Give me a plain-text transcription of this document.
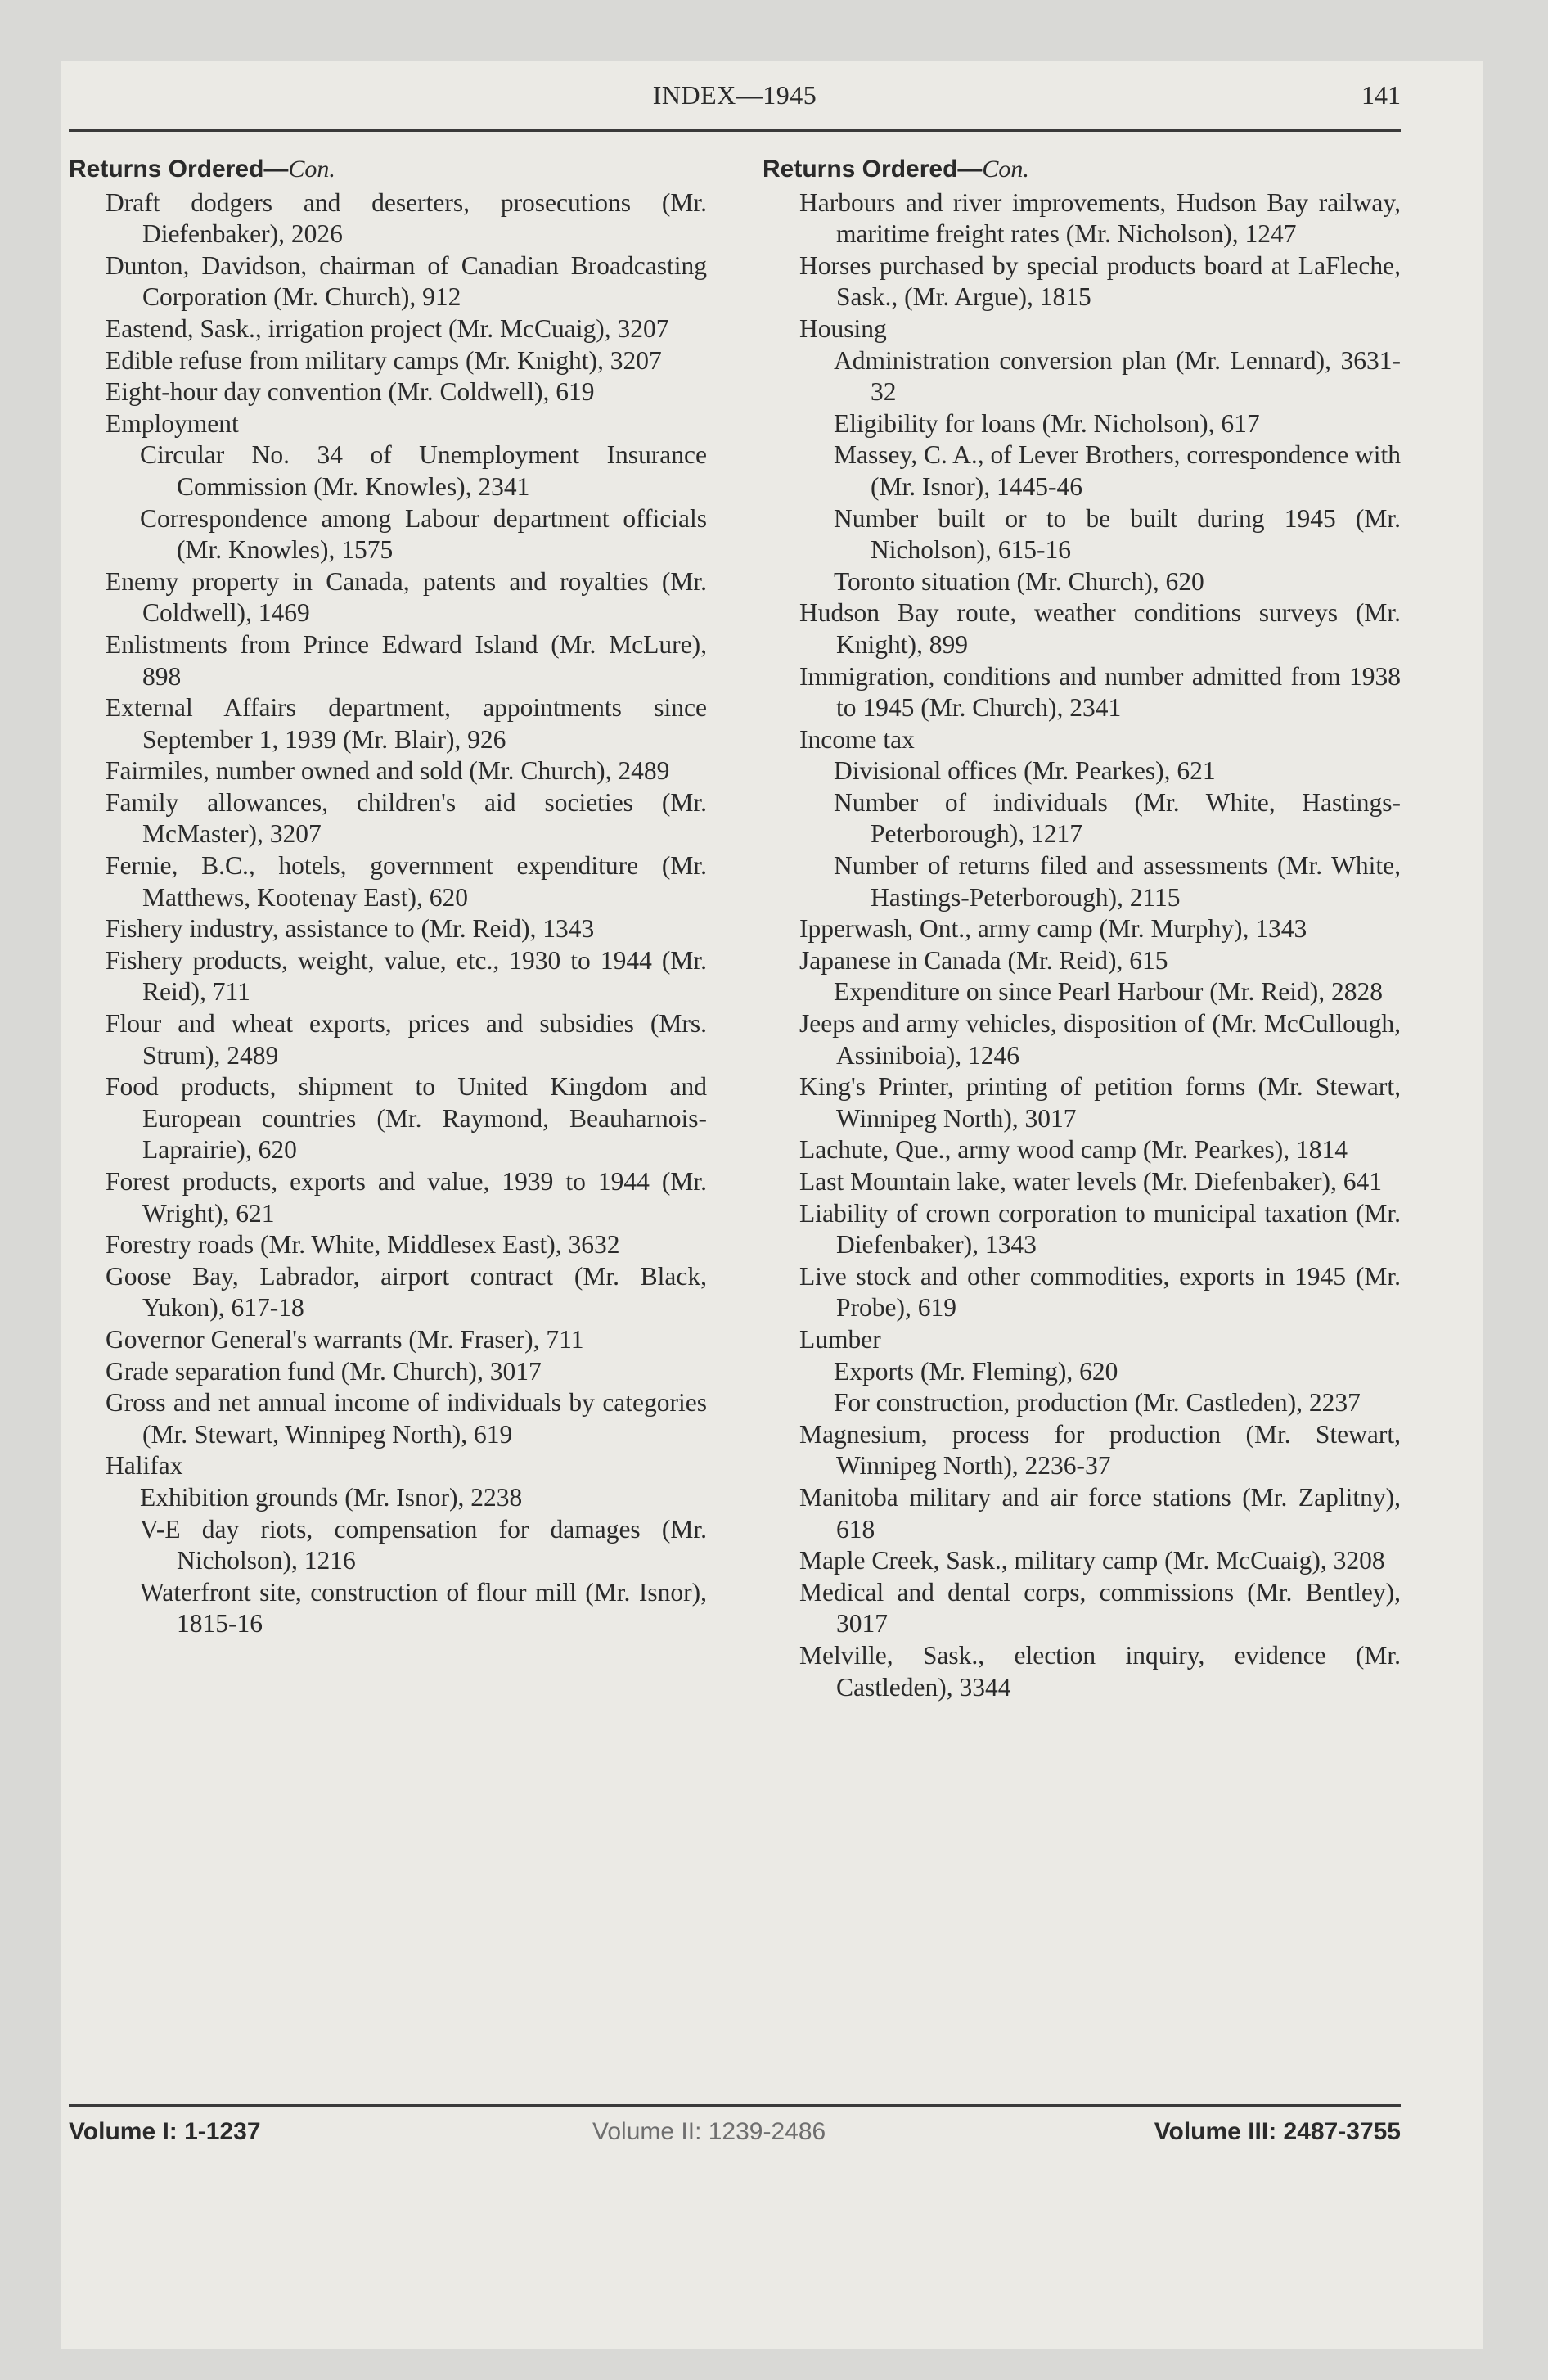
INDEX—1945	141
Returns Ordered—Con.
Draft dodgers and deserters, prosecutions (Mr. Diefenbaker), 2026
Dunton, Davidson, chairman of Canadian Broadcasting Corporation (Mr. Church), 912
Eastend, Sask., irrigation project (Mr. McCuaig), 3207
Edible refuse from military camps (Mr. Knight), 3207
Eight-hour day convention (Mr. Coldwell), 619
Employment
Circular No. 34 of Unemployment Insurance Commission (Mr. Knowles), 2341
Correspondence among Labour department officials (Mr. Knowles), 1575
Enemy property in Canada, patents and royalties (Mr. Coldwell), 1469
Enlistments from Prince Edward Island (Mr. McLure), 898
External Affairs department, appointments since September 1, 1939 (Mr. Blair), 926
Fairmiles, number owned and sold (Mr. Church), 2489
Family allowances, children's aid societies (Mr. McMaster), 3207
Fernie, B.C., hotels, government expenditure (Mr. Matthews, Kootenay East), 620
Fishery industry, assistance to (Mr. Reid), 1343
Fishery products, weight, value, etc., 1930 to 1944 (Mr. Reid), 711
Flour and wheat exports, prices and subsidies (Mrs. Strum), 2489
Food products, shipment to United Kingdom and European countries (Mr. Raymond, Beauharnois-Laprairie), 620
Forest products, exports and value, 1939 to 1944 (Mr. Wright), 621
Forestry roads (Mr. White, Middlesex East), 3632
Goose Bay, Labrador, airport contract (Mr. Black, Yukon), 617-18
Governor General's warrants (Mr. Fraser), 711
Grade separation fund (Mr. Church), 3017
Gross and net annual income of individuals by categories (Mr. Stewart, Winnipeg North), 619
Halifax
Exhibition grounds (Mr. Isnor), 2238
V-E day riots, compensation for damages (Mr. Nicholson), 1216
Waterfront site, construction of flour mill (Mr. Isnor), 1815-16
Returns Ordered—Con.
Harbours and river improvements, Hudson Bay railway, maritime freight rates (Mr. Nicholson), 1247
Horses purchased by special products board at LaFleche, Sask., (Mr. Argue), 1815
Housing
Administration conversion plan (Mr. Lennard), 3631-32
Eligibility for loans (Mr. Nicholson), 617
Massey, C. A., of Lever Brothers, correspondence with (Mr. Isnor), 1445-46
Number built or to be built during 1945 (Mr. Nicholson), 615-16
Toronto situation (Mr. Church), 620
Hudson Bay route, weather conditions surveys (Mr. Knight), 899
Immigration, conditions and number admitted from 1938 to 1945 (Mr. Church), 2341
Income tax
Divisional offices (Mr. Pearkes), 621
Number of individuals (Mr. White, Hastings-Peterborough), 1217
Number of returns filed and assessments (Mr. White, Hastings-Peterborough), 2115
Ipperwash, Ont., army camp (Mr. Murphy), 1343
Japanese in Canada (Mr. Reid), 615
Expenditure on since Pearl Harbour (Mr. Reid), 2828
Jeeps and army vehicles, disposition of (Mr. McCullough, Assiniboia), 1246
King's Printer, printing of petition forms (Mr. Stewart, Winnipeg North), 3017
Lachute, Que., army wood camp (Mr. Pearkes), 1814
Last Mountain lake, water levels (Mr. Diefenbaker), 641
Liability of crown corporation to municipal taxation (Mr. Diefenbaker), 1343
Live stock and other commodities, exports in 1945 (Mr. Probe), 619
Lumber
Exports (Mr. Fleming), 620
For construction, production (Mr. Castleden), 2237
Magnesium, process for production (Mr. Stewart, Winnipeg North), 2236-37
Manitoba military and air force stations (Mr. Zaplitny), 618
Maple Creek, Sask., military camp (Mr. McCuaig), 3208
Medical and dental corps, commissions (Mr. Bentley), 3017
Melville, Sask., election inquiry, evidence (Mr. Castleden), 3344
Volume I: 1-1237	Volume II: 1239-2486	Volume III: 2487-3755
